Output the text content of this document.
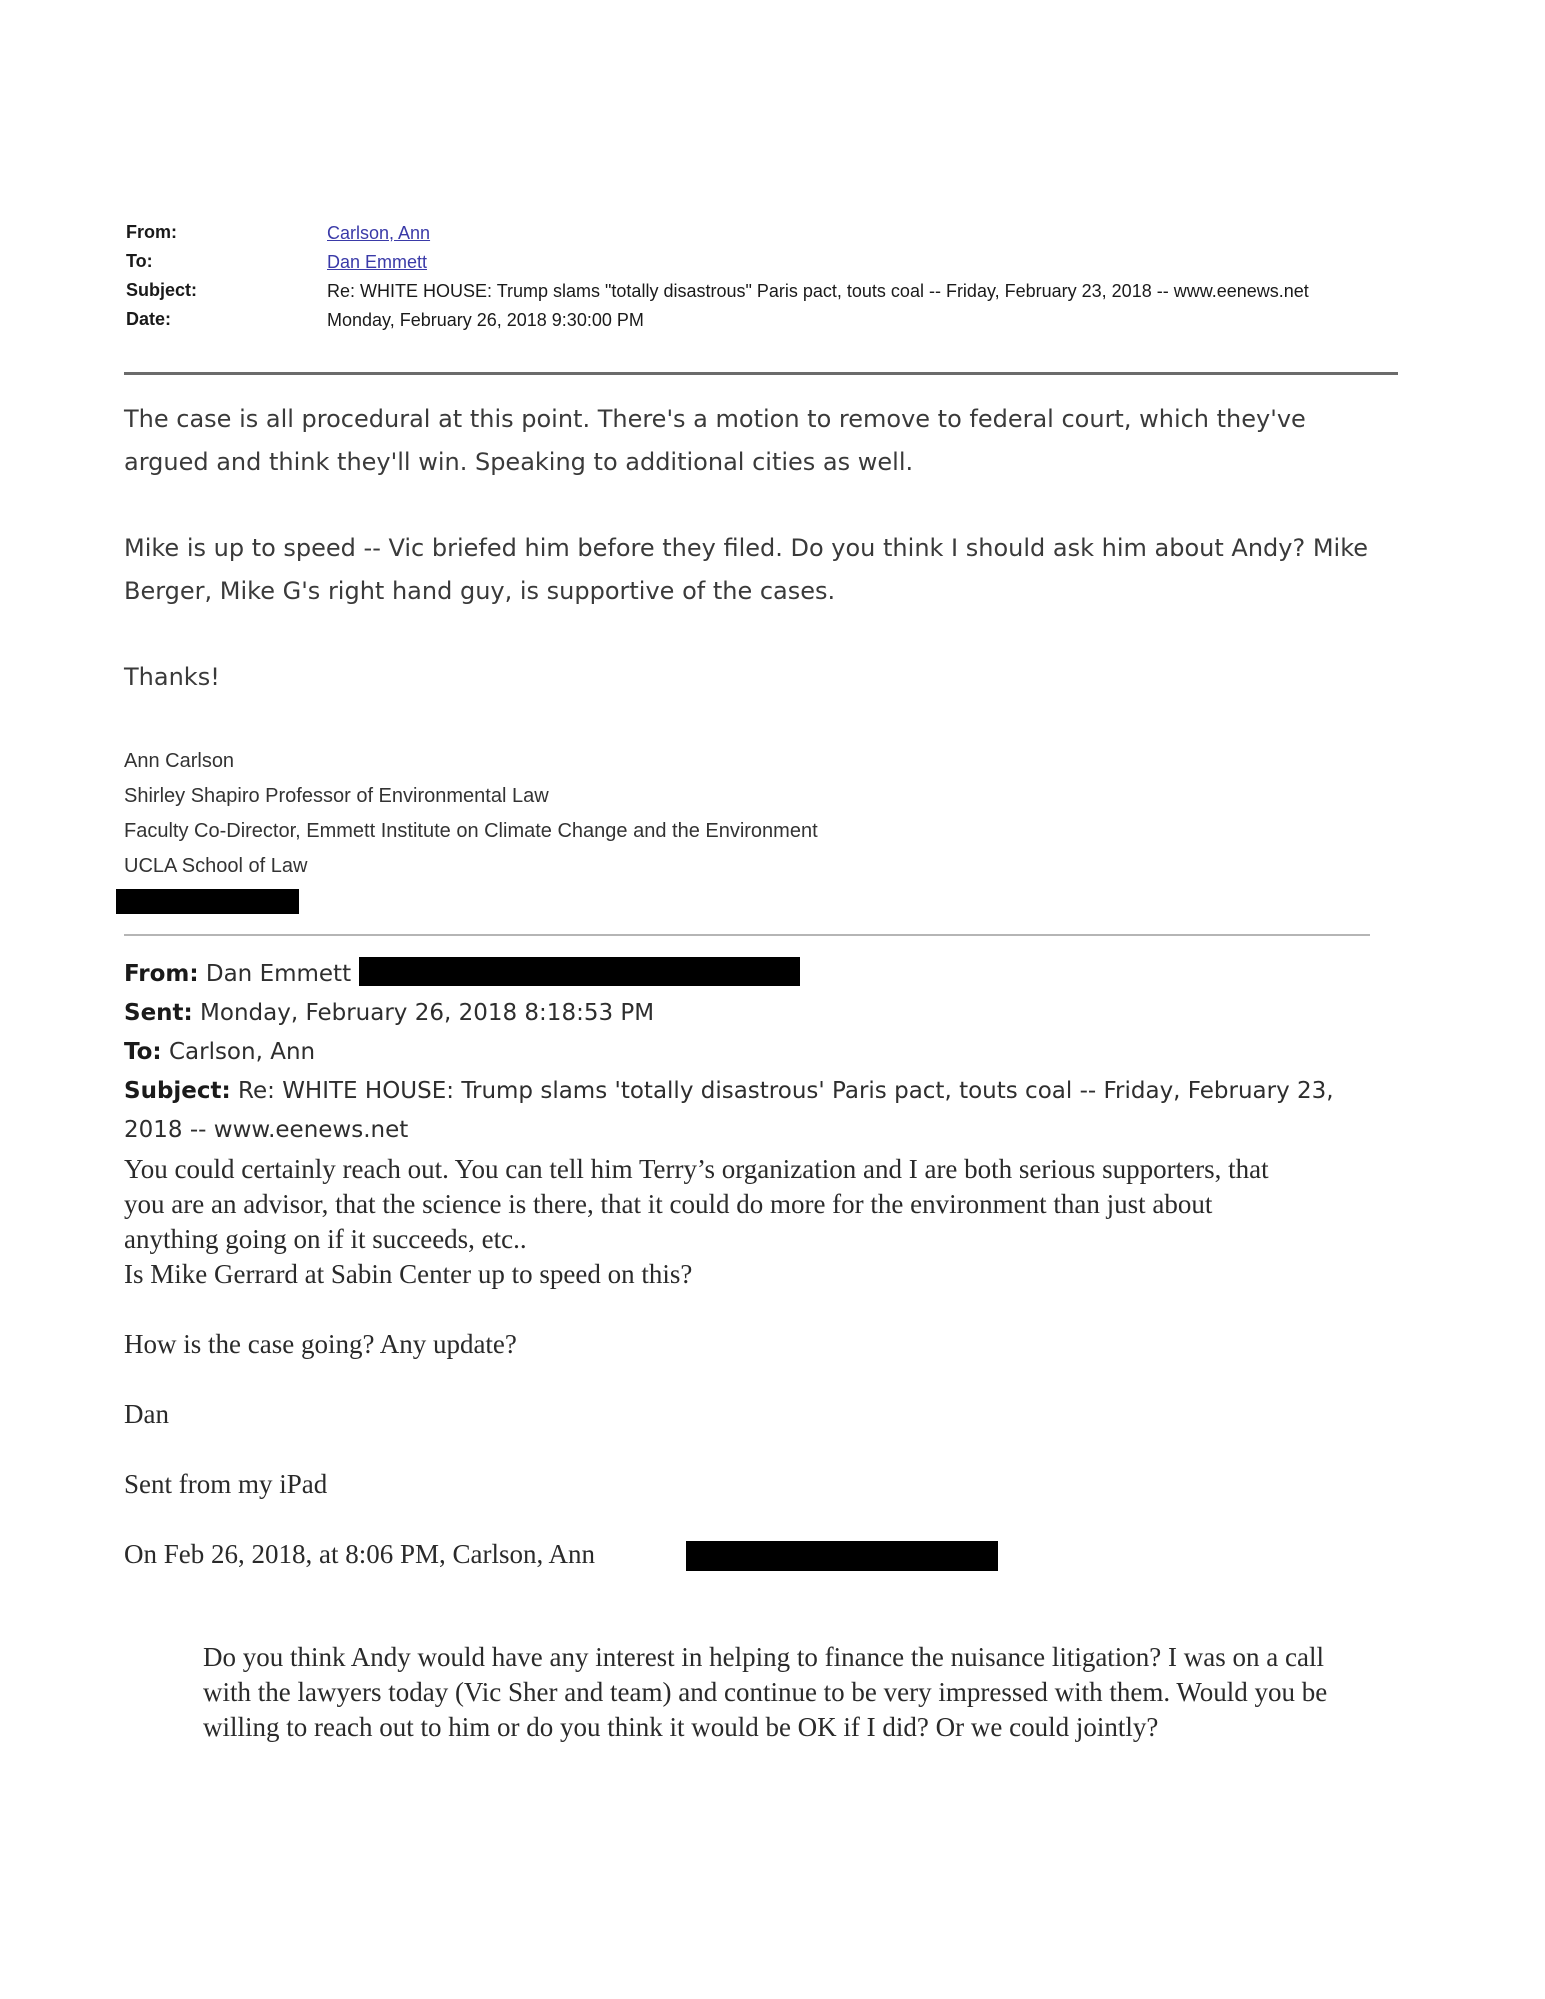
From:	Carlson, Ann
To:	Dan Emmett
Subject:	Re: WHITE HOUSE: Trump slams "totally disastrous" Paris pact, touts coal -- Friday, February 23, 2018 -- www.eenews.net
Date:	Monday, February 26, 2018 9:30:00 PM

The case is all procedural at this point. There's a motion to remove to federal court, which they've argued and think they'll win. Speaking to additional cities as well.

Mike is up to speed -- Vic briefed him before they filed. Do you think I should ask him about Andy? Mike Berger, Mike G's right hand guy, is supportive of the cases.

Thanks!

Ann Carlson
Shirley Shapiro Professor of Environmental Law
Faculty Co-Director, Emmett Institute on Climate Change and the Environment
UCLA School of Law
From: Dan Emmett
Sent: Monday, February 26, 2018 8:18:53 PM
To: Carlson, Ann
Subject: Re: WHITE HOUSE: Trump slams 'totally disastrous' Paris pact, touts coal -- Friday, February 23, 2018 -- www.eenews.net

You could certainly reach out. You can tell him Terry’s organization and I are both serious supporters, that you are an advisor, that the science is there, that it could do more for the environment than just about anything going on if it succeeds, etc..

Is Mike Gerrard at Sabin Center up to speed on this?

How is the case going? Any update?

Dan

Sent from my iPad

On Feb 26, 2018, at 8:06 PM, Carlson, Ann

Do you think Andy would have any interest in helping to finance the nuisance litigation? I was on a call with the lawyers today (Vic Sher and team) and continue to be very impressed with them. Would you be willing to reach out to him or do you think it would be OK if I did? Or we could jointly?
